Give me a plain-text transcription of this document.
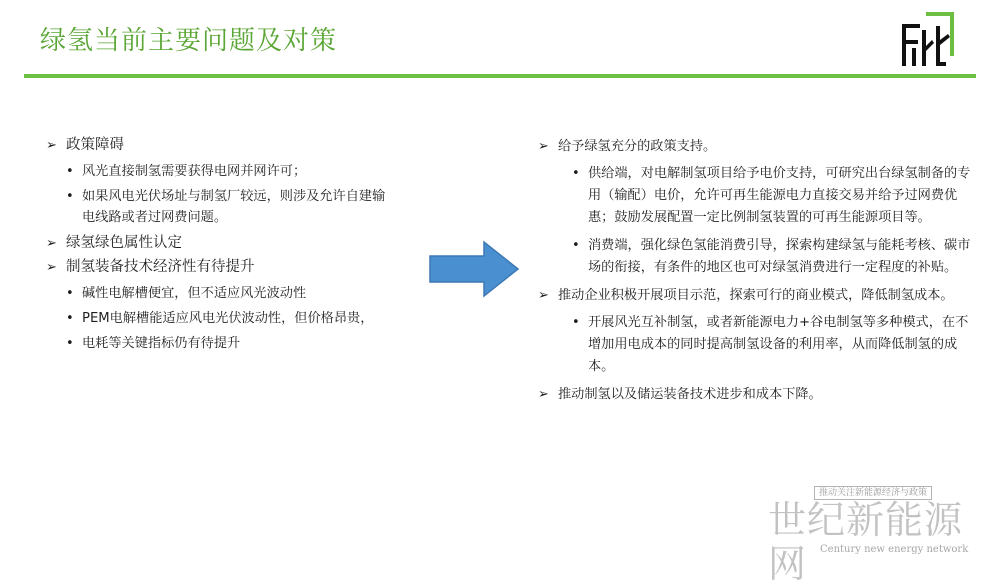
绿氢当前主要问题及对策
➢ 政策障碍
• 风光直接制氢需要获得电网并网许可；
• 如果风电光伏场址与制氢厂较远，则涉及允许自建输电线路或者过网费问题。
➢ 绿氢绿色属性认定
➢ 制氢装备技术经济性有待提升
• 碱性电解槽便宜，但不适应风光波动性
• PEM电解槽能适应风电光伏波动性，但价格昂贵，
• 电耗等关键指标仍有待提升
➢ 给予绿氢充分的政策支持。
• 供给端，对电解制氢项目给予电价支持，可研究出台绿氢制备的专用（输配）电价，允许可再生能源电力直接交易并给予过网费优惠；鼓励发展配置一定比例制氢装置的可再生能源项目等。
• 消费端，强化绿色氢能消费引导，探索构建绿氢与能耗考核、碳市场的衔接，有条件的地区也可对绿氢消费进行一定程度的补贴。
➢ 推动企业积极开展项目示范，探索可行的商业模式，降低制氢成本。
• 开展风光互补制氢，或者新能源电力+谷电制氢等多种模式，在不增加用电成本的同时提高制氢设备的利用率，从而降低制氢的成本。
➢ 推动制氢以及储运装备技术进步和成本下降。
推动关注新能源经济与政策
世纪新能源网	Century new energy network
